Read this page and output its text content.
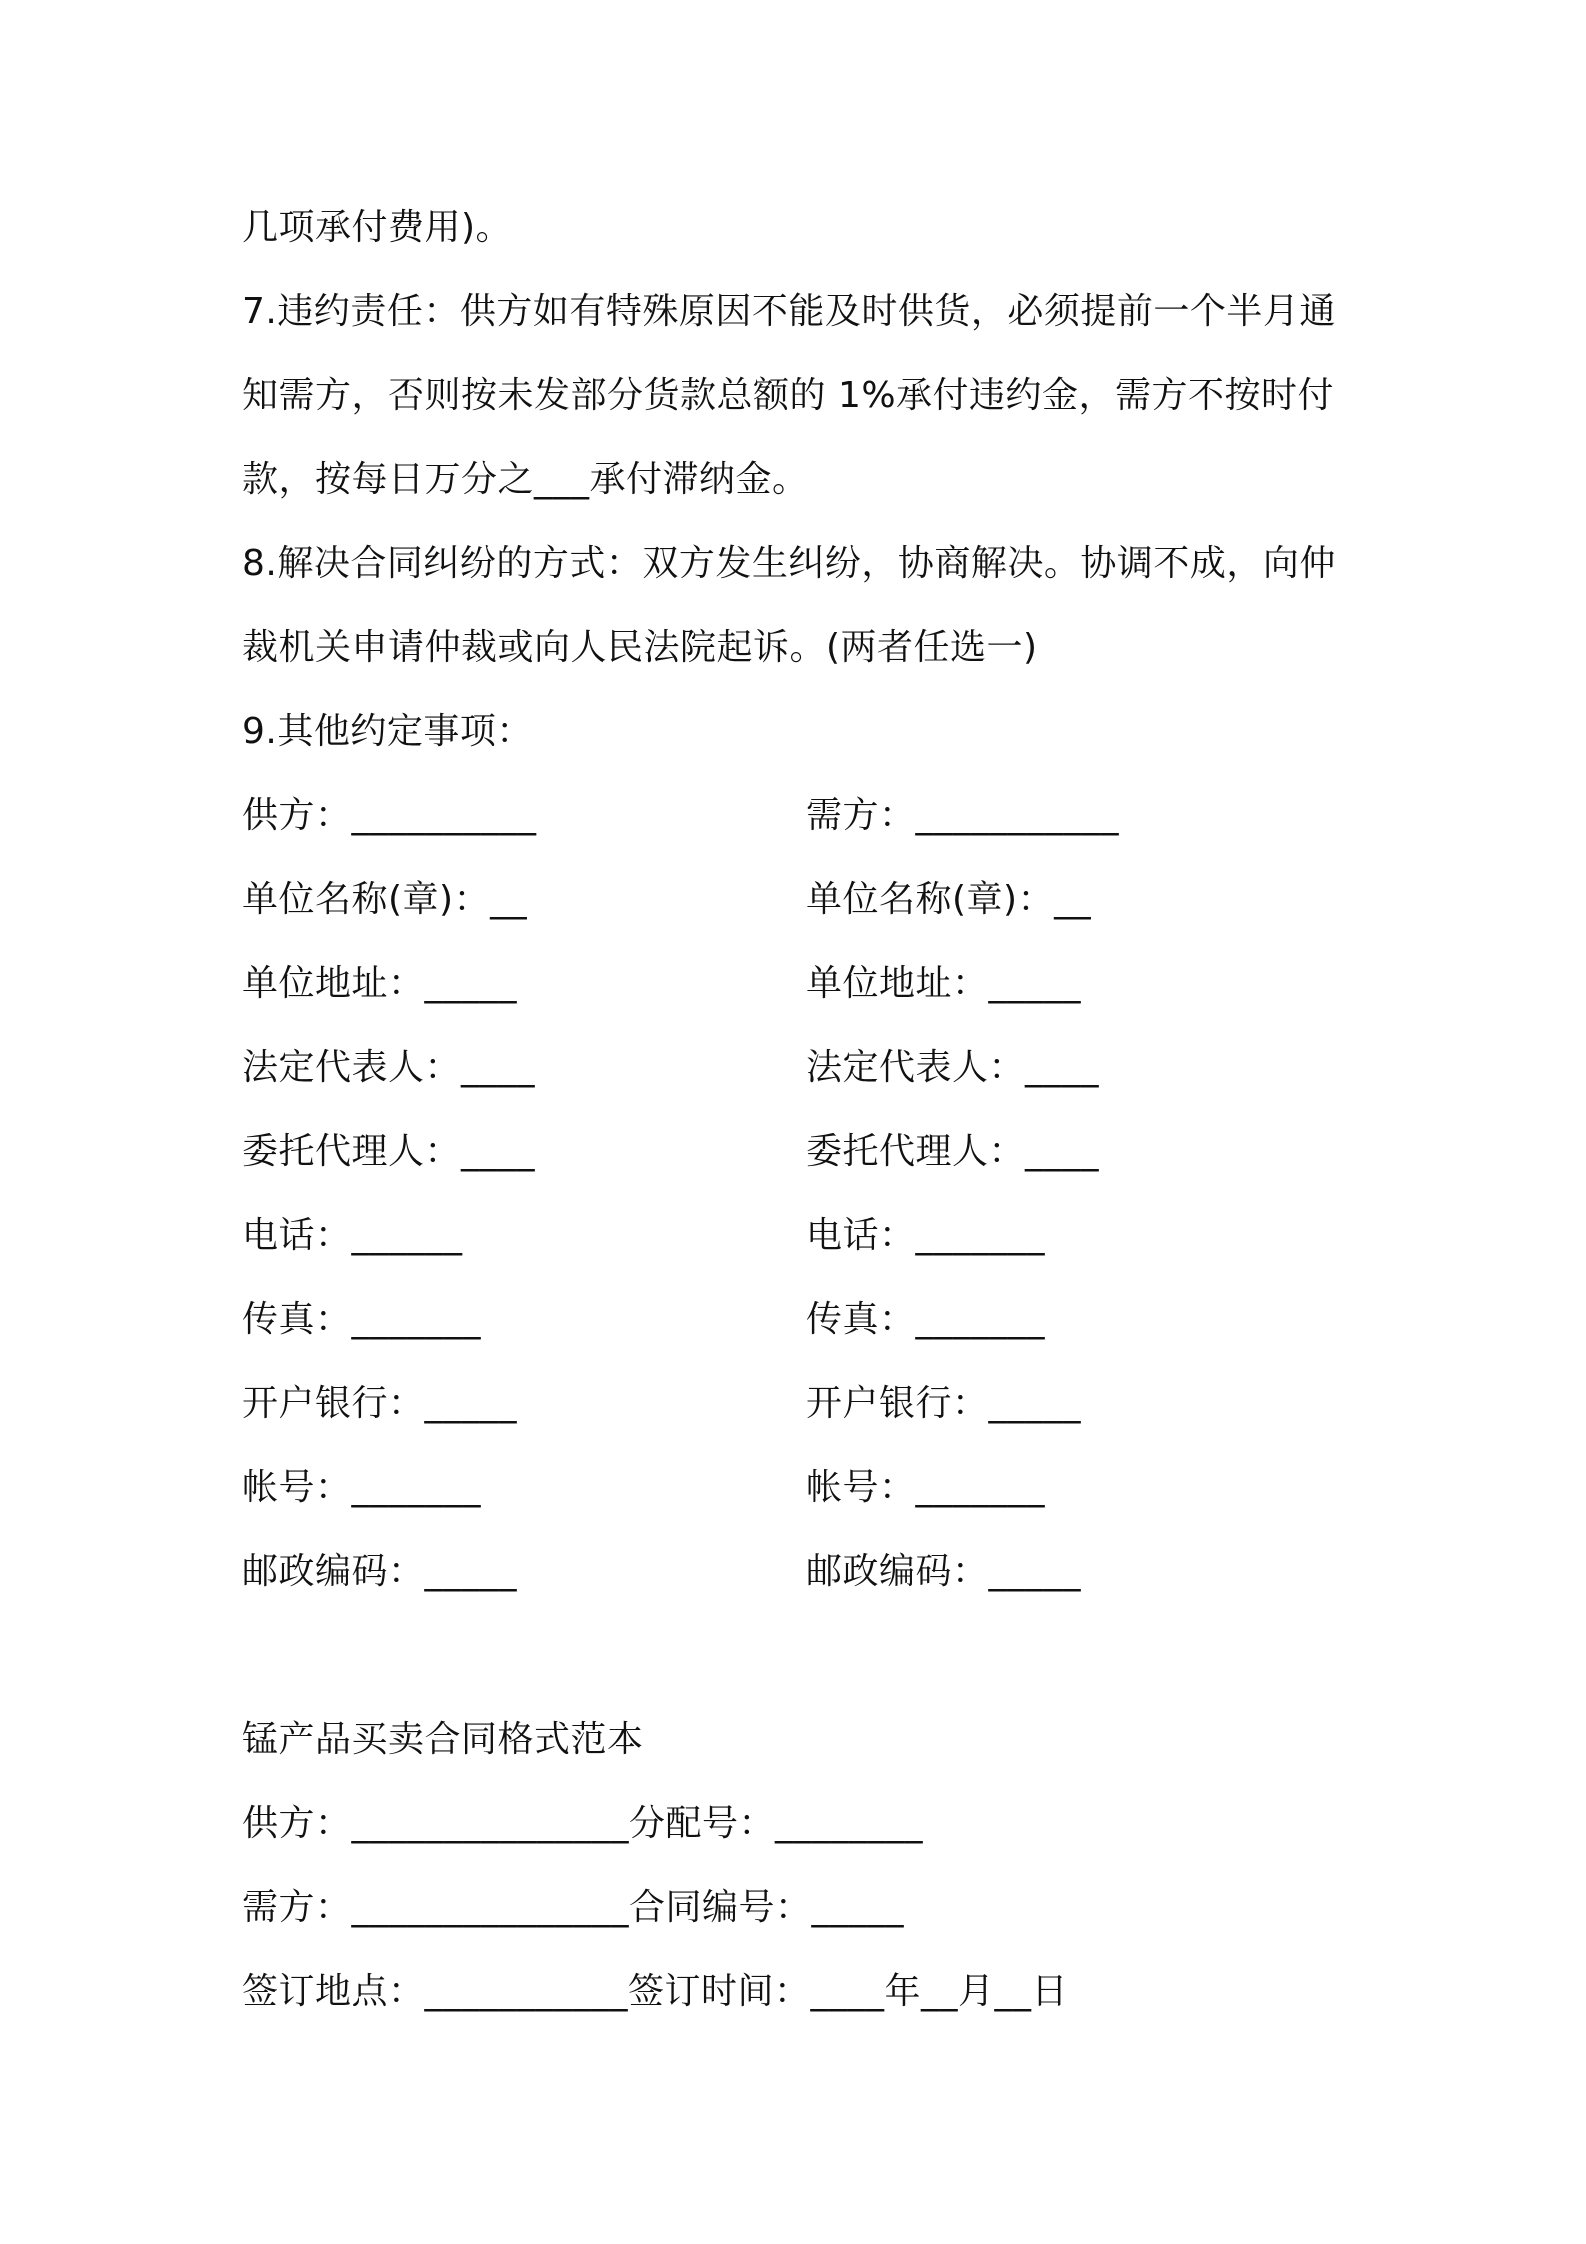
几项承付费用)。
7.违约责任：供方如有特殊原因不能及时供货，必须提前一个半月通
知需方，否则按未发部分货款总额的 1%承付违约金，需方不按时付
款，按每日万分之___承付滞纳金。
8.解决合同纠纷的方式：双方发生纠纷，协商解决。协调不成，向仲
裁机关申请仲裁或向人民法院起诉。(两者任选一)
9.其他约定事项：
供方：__________	需方：___________
单位名称(章)：__	单位名称(章)：__
单位地址：_____	单位地址：_____
法定代表人：____	法定代表人：____
委托代理人：____	委托代理人：____
电话：______	电话：_______
传真：_______	传真：_______
开户银行：_____	开户银行：_____
帐号：_______	帐号：_______
邮政编码：_____	邮政编码：_____
锰产品买卖合同格式范本
供方：_______________分配号：________
需方：_______________合同编号：_____
签订地点：___________签订时间：____年__月__日
